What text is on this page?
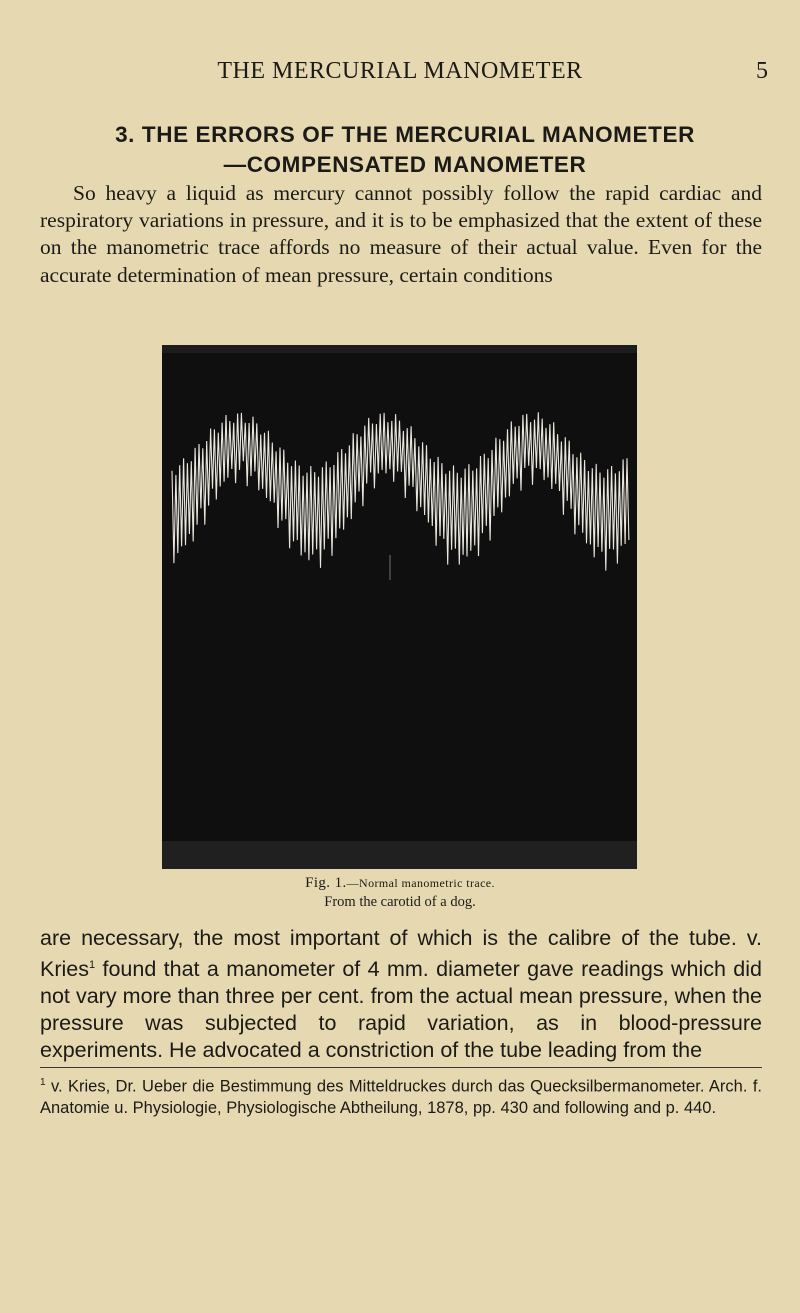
THE MERCURIAL MANOMETER	5
3. THE ERRORS OF THE MERCURIAL MANOMETER
—COMPENSATED MANOMETER

So heavy a liquid as mercury cannot possibly follow the rapid cardiac and respiratory variations in pressure, and it is to be emphasized that the extent of these on the manometric trace affords no measure of their actual value. Even for the accurate determination of mean pressure, certain conditions

Fig. 1.—Normal manometric trace.
From the carotid of a dog.

are necessary, the most important of which is the calibre of the tube. v. Kries$^1$ found that a manometer of 4 mm. diameter gave readings which did not vary more than three per cent. from the actual mean pressure, when the pressure was subjected to rapid variation, as in blood-pressure experiments. He advocated a constriction of the tube leading from the

$^1$ v. Kries, Dr. Ueber die Bestimmung des Mitteldruckes durch das Quecksilbermanometer. Arch. f. Anatomie u. Physiologie, Physiologische Abtheilung, 1878, pp. 430 and following and p. 440.
